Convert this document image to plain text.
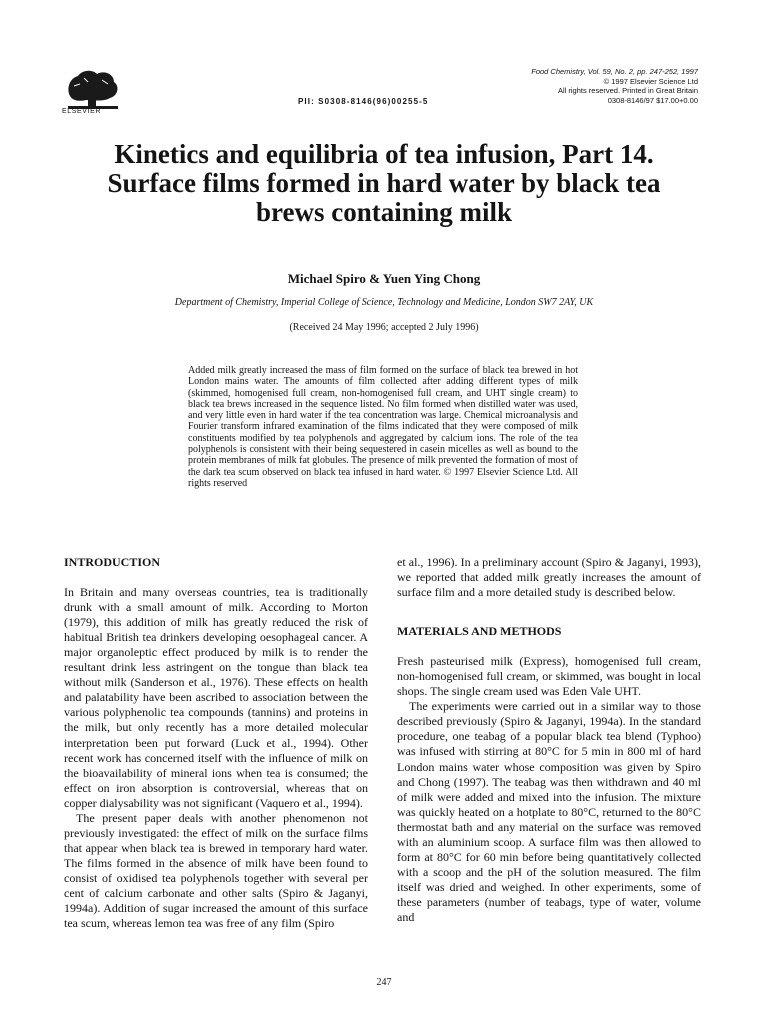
ELSEVIER
PII: S0308-8146(96)00255-5
Food Chemistry, Vol. 59, No. 2, pp. 247-252, 1997
© 1997 Elsevier Science Ltd
All rights reserved. Printed in Great Britain
0308-8146/97 $17.00+0.00
Kinetics and equilibria of tea infusion, Part 14.
Surface films formed in hard water by black tea
brews containing milk
Michael Spiro & Yuen Ying Chong
Department of Chemistry, Imperial College of Science, Technology and Medicine, London SW7 2AY, UK
(Received 24 May 1996; accepted 2 July 1996)
Added milk greatly increased the mass of film formed on the surface of black tea brewed in hot London mains water. The amounts of film collected after adding different types of milk (skimmed, homogenised full cream, non-homogenised full cream, and UHT single cream) to black tea brews increased in the sequence listed. No film formed when distilled water was used, and very little even in hard water if the tea concentration was large. Chemical microanalysis and Fourier transform infrared examination of the films indicated that they were composed of milk constituents modified by tea polyphenols and aggregated by calcium ions. The role of the tea polyphenols is consistent with their being sequestered in casein micelles as well as bound to the protein membranes of milk fat globules. The presence of milk prevented the formation of most of the dark tea scum observed on black tea infused in hard water. © 1997 Elsevier Science Ltd. All rights reserved

INTRODUCTION

In Britain and many overseas countries, tea is traditionally drunk with a small amount of milk. According to Morton (1979), this addition of milk has greatly reduced the risk of habitual British tea drinkers developing oesophageal cancer. A major organoleptic effect produced by milk is to render the resultant drink less astringent on the tongue than black tea without milk (Sanderson et al., 1976). These effects on health and palatability have been ascribed to association between the various polyphenolic tea compounds (tannins) and proteins in the milk, but only recently has a more detailed molecular interpretation been put forward (Luck et al., 1994). Other recent work has concerned itself with the influence of milk on the bioavailability of mineral ions when tea is consumed; the effect on iron absorption is controversial, whereas that on copper dialysability was not significant (Vaquero et al., 1994).

The present paper deals with another phenomenon not previously investigated: the effect of milk on the surface films that appear when black tea is brewed in temporary hard water. The films formed in the absence of milk have been found to consist of oxidised tea polyphenols together with several per cent of calcium carbonate and other salts (Spiro & Jaganyi, 1994a). Addition of sugar increased the amount of this surface tea scum, whereas lemon tea was free of any film (Spiro

et al., 1996). In a preliminary account (Spiro & Jaganyi, 1993), we reported that added milk greatly increases the amount of surface film and a more detailed study is described below.

MATERIALS AND METHODS

Fresh pasteurised milk (Express), homogenised full cream, non-homogenised full cream, or skimmed, was bought in local shops. The single cream used was Eden Vale UHT.

The experiments were carried out in a similar way to those described previously (Spiro & Jaganyi, 1994a). In the standard procedure, one teabag of a popular black tea blend (Typhoo) was infused with stirring at 80°C for 5 min in 800 ml of hard London mains water whose composition was given by Spiro and Chong (1997). The teabag was then withdrawn and 40 ml of milk were added and mixed into the infusion. The mixture was quickly heated on a hotplate to 80°C, returned to the 80°C thermostat bath and any material on the surface was removed with an aluminium scoop. A surface film was then allowed to form at 80°C for 60 min before being quantitatively collected with a scoop and the pH of the solution measured. The film itself was dried and weighed. In other experiments, some of these parameters (number of teabags, type of water, volume and

247
